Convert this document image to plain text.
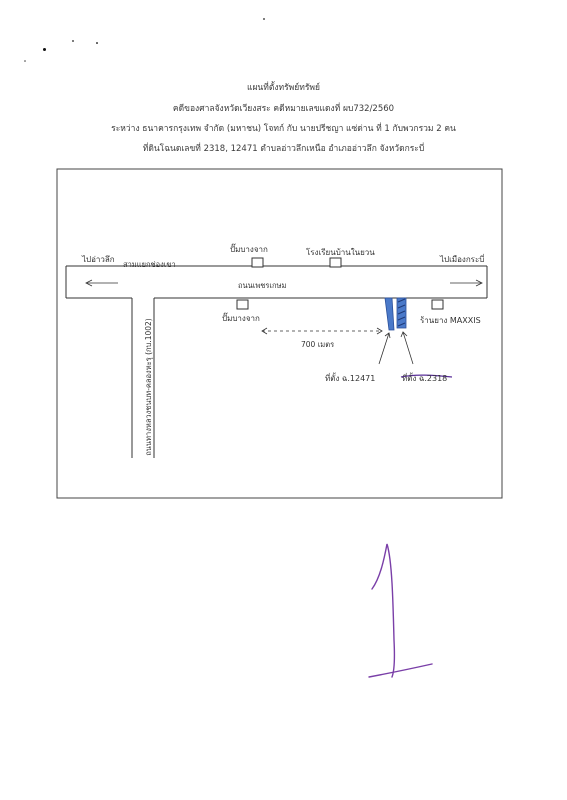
แผนที่ตั้งทรัพย์ทรัพย์
คดีของศาลจังหวัดเวียงสระ คดีหมายเลขแดงที่ ผบ732/2560
ระหว่าง ธนาคารกรุงเทพ จำกัด (มหาชน) โจทก์ กับ นายปรีชญา แซ่ด่าน ที่ 1 กับพวกรวม 2 คน
ที่ดินโฉนดเลขที่ 2318, 12471 ตำบลอ่าวลึกเหนือ อำเภออ่าวลึก จังหวัดกระบี่
ไปอ่าวลึก
สามแยกช่องเขา
ปั๊มบางจาก	โรงเรียนบ้านในยวน
ไปเมืองกระบี่
ถนนเพชรเกษม
ปั๊มบางจาก	ร้านยาง MAXXIS
700 เมตร
ที่ตั้ง ฉ.12471	ที่ตั้ง ฉ.2318
ถนนทางหลวงชนบท-คลองหะรุ (กบ.1002)
